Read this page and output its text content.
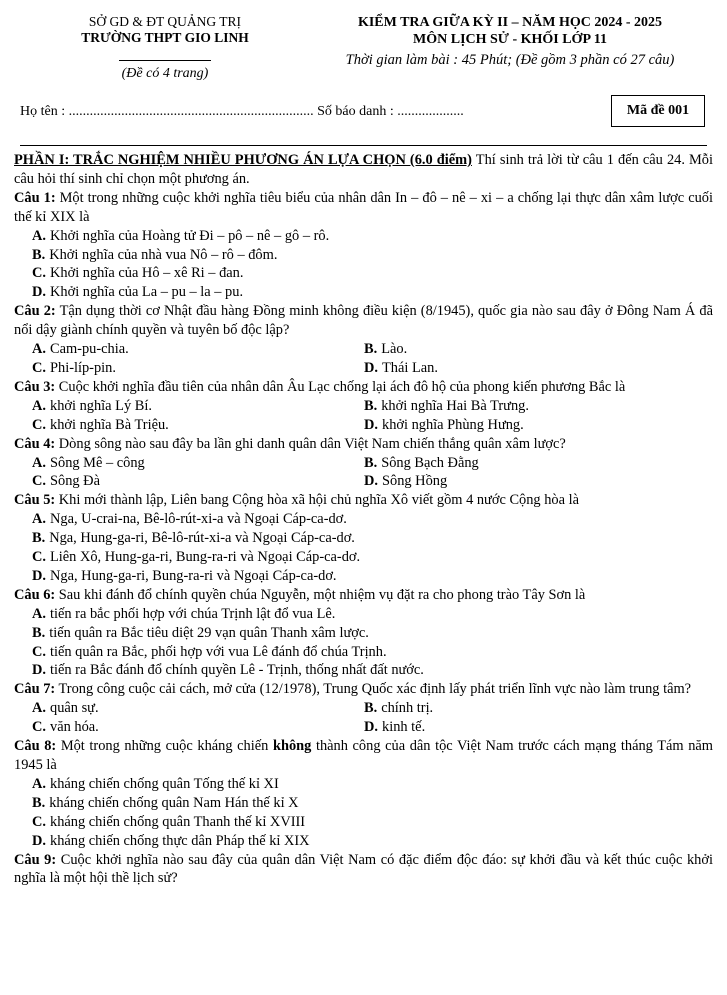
SỞ GD & ĐT QUẢNG TRỊ
TRƯỜNG THPT GIO LINH
(Đề có 4 trang)
KIỂM TRA GIỮA KỲ II – NĂM HỌC 2024 - 2025
MÔN LỊCH SỬ - KHỐI LỚP 11
Thời gian làm bài : 45 Phút; (Đề gồm 3 phần có 27 câu)
Họ tên : ...................................................................... Số báo danh : ...................	Mã đề 001

PHẦN I: TRẮC NGHIỆM NHIỀU PHƯƠNG ÁN LỰA CHỌN (6.0 điểm) Thí sinh trả lời từ câu 1 đến câu 24. Mỗi câu hỏi thí sinh chỉ chọn một phương án.

Câu 1: Một trong những cuộc khởi nghĩa tiêu biểu của nhân dân In – đô – nê – xi – a chống lại thực dân xâm lược cuối thế kỉ XIX là

A. Khởi nghĩa của Hoàng tử Đi – pô – nê – gô – rô.

B. Khởi nghĩa của nhà vua Nô – rô – đôm.

C. Khởi nghĩa của Hô – xê Ri – đan.

D. Khởi nghĩa của La – pu – la – pu.

Câu 2: Tận dụng thời cơ Nhật đầu hàng Đồng minh không điều kiện (8/1945), quốc gia nào sau đây ở Đông Nam Á đã nổi dậy giành chính quyền và tuyên bố độc lập?

A. Cam-pu-chia.	B. Lào.
C. Phi-líp-pin.	D. Thái Lan.

Câu 3: Cuộc khởi nghĩa đầu tiên của nhân dân Âu Lạc chống lại ách đô hộ của phong kiến phương Bắc là

A. khởi nghĩa Lý Bí.	B. khởi nghĩa Hai Bà Trưng.
C. khởi nghĩa Bà Triệu.	D. khởi nghĩa Phùng Hưng.

Câu 4: Dòng sông nào sau đây ba lần ghi danh quân dân Việt Nam chiến thắng quân xâm lược?

A. Sông Mê – công	B. Sông Bạch Đằng
C. Sông Đà	D. Sông Hồng

Câu 5: Khi mới thành lập, Liên bang Cộng hòa xã hội chủ nghĩa Xô viết gồm 4 nước Cộng hòa là

A. Nga, U-crai-na, Bê-lô-rút-xi-a và Ngoại Cáp-ca-dơ.

B. Nga, Hung-ga-ri, Bê-lô-rút-xi-a và Ngoại Cáp-ca-dơ.

C. Liên Xô, Hung-ga-ri, Bung-ra-ri và Ngoại Cáp-ca-dơ.

D. Nga, Hung-ga-ri, Bung-ra-ri và Ngoại Cáp-ca-dơ.

Câu 6: Sau khi đánh đổ chính quyền chúa Nguyễn, một nhiệm vụ đặt ra cho phong trào Tây Sơn là

A. tiến ra bắc phối hợp với chúa Trịnh lật đổ vua Lê.

B. tiến quân ra Bắc tiêu diệt 29 vạn quân Thanh xâm lược.

C. tiến quân ra Bắc, phối hợp với vua Lê đánh đổ chúa Trịnh.

D. tiến ra Bắc đánh đổ chính quyền Lê - Trịnh, thống nhất đất nước.

Câu 7: Trong công cuộc cải cách, mở cửa (12/1978), Trung Quốc xác định lấy phát triển lĩnh vực nào làm trung tâm?

A. quân sự.	B. chính trị.
C. văn hóa.	D. kinh tế.

Câu 8: Một trong những cuộc kháng chiến không thành công của dân tộc Việt Nam trước cách mạng tháng Tám năm 1945 là

A. kháng chiến chống quân Tống thế kỉ XI

B. kháng chiến chống quân Nam Hán thế kỉ X

C. kháng chiến chống quân Thanh thế kỉ XVIII

D. kháng chiến chống thực dân Pháp thế kỉ XIX

Câu 9: Cuộc khởi nghĩa nào sau đây của quân dân Việt Nam có đặc điểm độc đáo: sự khởi đầu và kết thúc cuộc khởi nghĩa là một hội thề lịch sử?
